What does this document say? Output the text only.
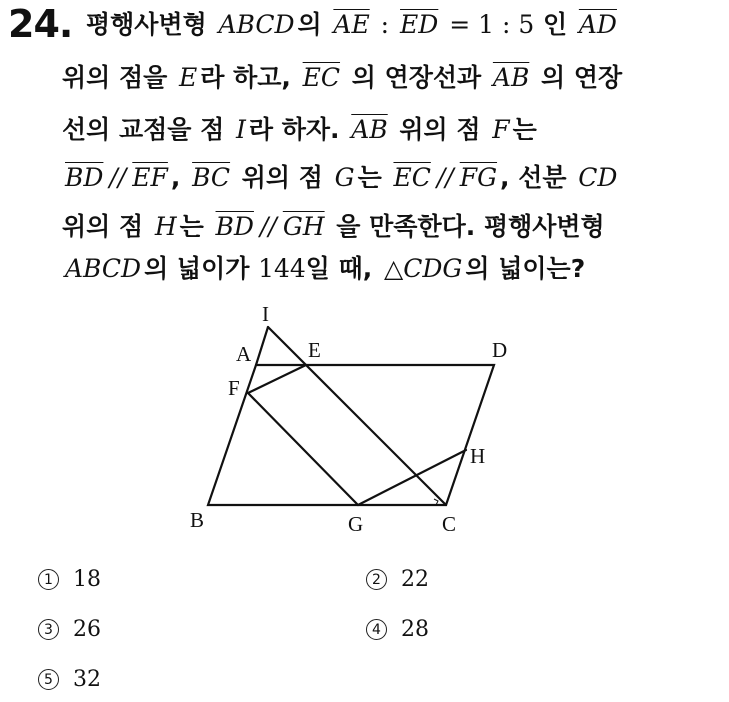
24. 평행사변형 ABCD 의 $\overline{AE}$ : $\overline{ED} = 1$ : 5 인 $\overline{AD}$
위의 점을 E 라 하고, $\overline{EC}$ 의 연장선과 $\overline{AB}$ 의 연장
선의 교점을 점 I 라 하자. $\overline{AB}$ 위의 점 F 는
$\overline{BD} // \overline{EF}$ , $\overline{BC}$ 위의 점 G 는 $\overline{EC} // \overline{FG}$ , 선분 CD
위의 점 H 는 $\overline{BD} // \overline{GH}$ 을 만족한다. 평행사변형
ABCD 의 넓이가 144일 때, △CDG 의 넓이는?
I
A	E	D
F
H
B	G	C
1 18	2 22
3 26	4 28
5 32
